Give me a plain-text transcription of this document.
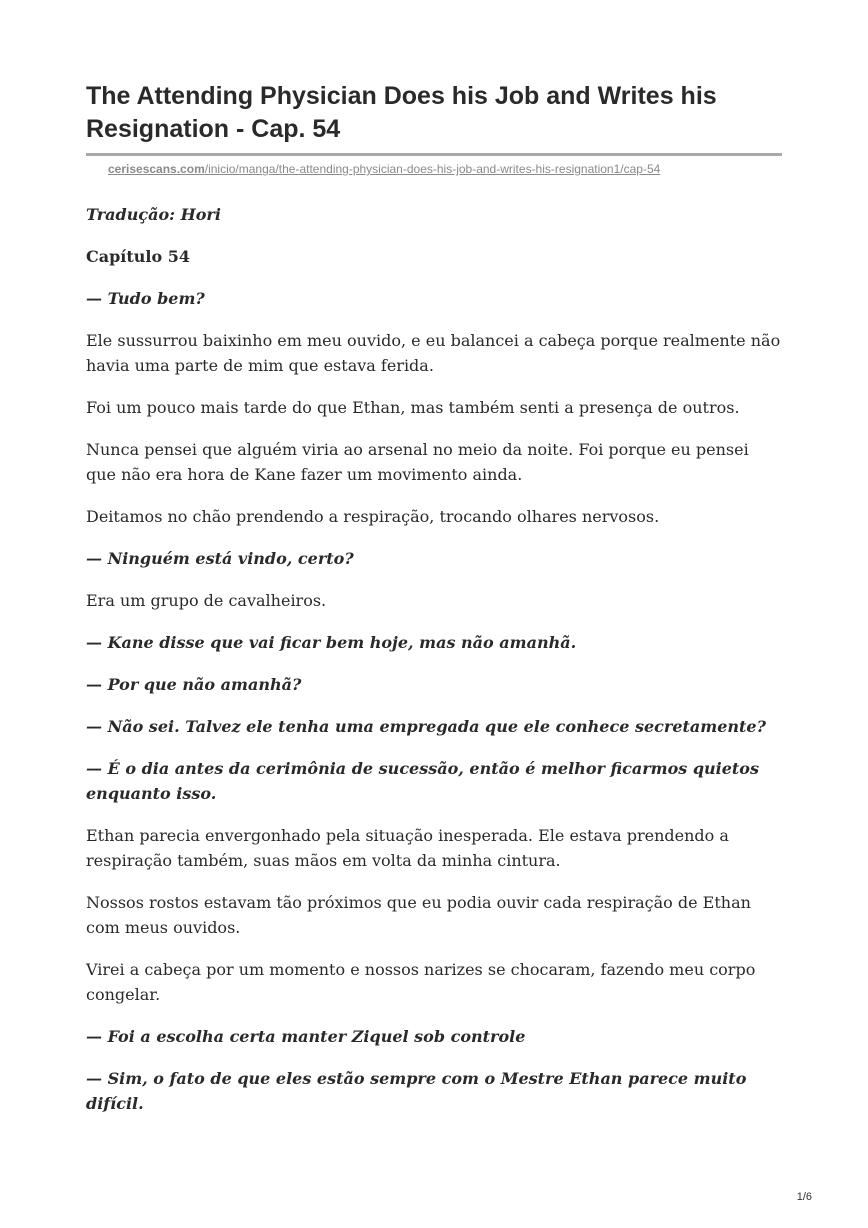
The Attending Physician Does his Job and Writes his Resignation - Cap. 54
cerisescans.com/inicio/manga/the-attending-physician-does-his-job-and-writes-his-resignation1/cap-54

Tradução: Hori

Capítulo 54

— Tudo bem?

Ele sussurrou baixinho em meu ouvido, e eu balancei a cabeça porque realmente não havia uma parte de mim que estava ferida.

Foi um pouco mais tarde do que Ethan, mas também senti a presença de outros.

Nunca pensei que alguém viria ao arsenal no meio da noite. Foi porque eu pensei que não era hora de Kane fazer um movimento ainda.

Deitamos no chão prendendo a respiração, trocando olhares nervosos.

— Ninguém está vindo, certo?

Era um grupo de cavalheiros.

— Kane disse que vai ficar bem hoje, mas não amanhã.

— Por que não amanhã?

— Não sei. Talvez ele tenha uma empregada que ele conhece secretamente?

— É o dia antes da cerimônia de sucessão, então é melhor ficarmos quietos enquanto isso.

Ethan parecia envergonhado pela situação inesperada. Ele estava prendendo a respiração também, suas mãos em volta da minha cintura.

Nossos rostos estavam tão próximos que eu podia ouvir cada respiração de Ethan com meus ouvidos.

Virei a cabeça por um momento e nossos narizes se chocaram, fazendo meu corpo congelar.

— Foi a escolha certa manter Ziquel sob controle

— Sim, o fato de que eles estão sempre com o Mestre Ethan parece muito difícil.

1/6
